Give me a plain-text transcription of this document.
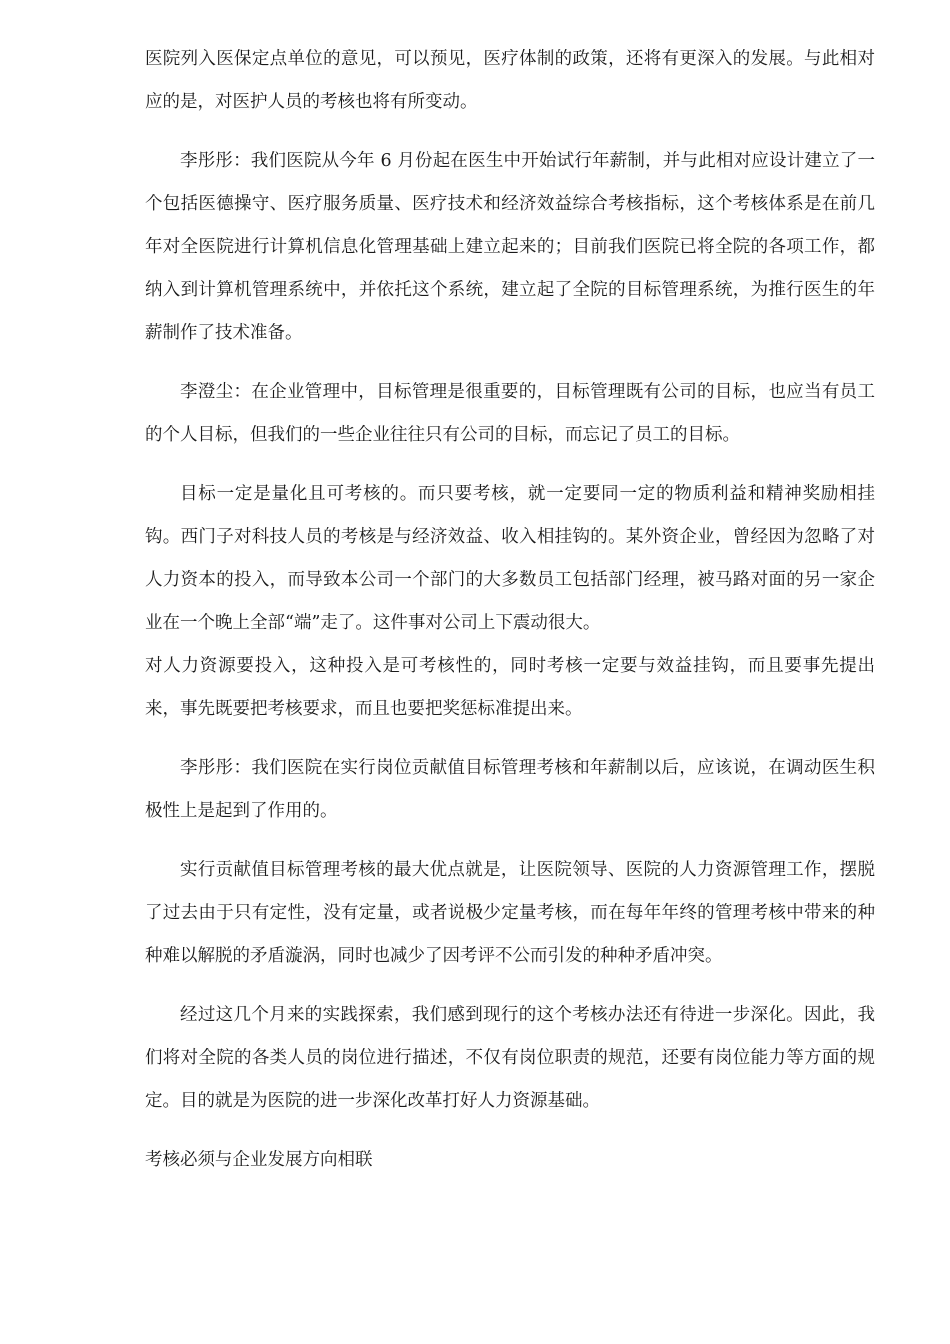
医院列入医保定点单位的意见，可以预见，医疗体制的政策，还将有更深入的发展。与此相对应的是，对医护人员的考核也将有所变动。

李彤彤：我们医院从今年 6 月份起在医生中开始试行年薪制，并与此相对应设计建立了一个包括医德操守、医疗服务质量、医疗技术和经济效益综合考核指标，这个考核体系是在前几年对全医院进行计算机信息化管理基础上建立起来的；目前我们医院已将全院的各项工作，都纳入到计算机管理系统中，并依托这个系统，建立起了全院的目标管理系统，为推行医生的年薪制作了技术准备。

李澄尘：在企业管理中，目标管理是很重要的，目标管理既有公司的目标，也应当有员工的个人目标，但我们的一些企业往往只有公司的目标，而忘记了员工的目标。

目标一定是量化且可考核的。而只要考核，就一定要同一定的物质利益和精神奖励相挂钩。西门子对科技人员的考核是与经济效益、收入相挂钩的。某外资企业，曾经因为忽略了对人力资本的投入，而导致本公司一个部门的大多数员工包括部门经理，被马路对面的另一家企业在一个晚上全部“端”走了。这件事对公司上下震动很大。

对人力资源要投入，这种投入是可考核性的，同时考核一定要与效益挂钩，而且要事先提出来，事先既要把考核要求，而且也要把奖惩标准提出来。

李彤彤：我们医院在实行岗位贡献值目标管理考核和年薪制以后，应该说，在调动医生积极性上是起到了作用的。

实行贡献值目标管理考核的最大优点就是，让医院领导、医院的人力资源管理工作，摆脱了过去由于只有定性，没有定量，或者说极少定量考核，而在每年年终的管理考核中带来的种种难以解脱的矛盾漩涡，同时也减少了因考评不公而引发的种种矛盾冲突。

经过这几个月来的实践探索，我们感到现行的这个考核办法还有待进一步深化。因此，我们将对全院的各类人员的岗位进行描述，不仅有岗位职责的规范，还要有岗位能力等方面的规定。目的就是为医院的进一步深化改革打好人力资源基础。

考核必须与企业发展方向相联
